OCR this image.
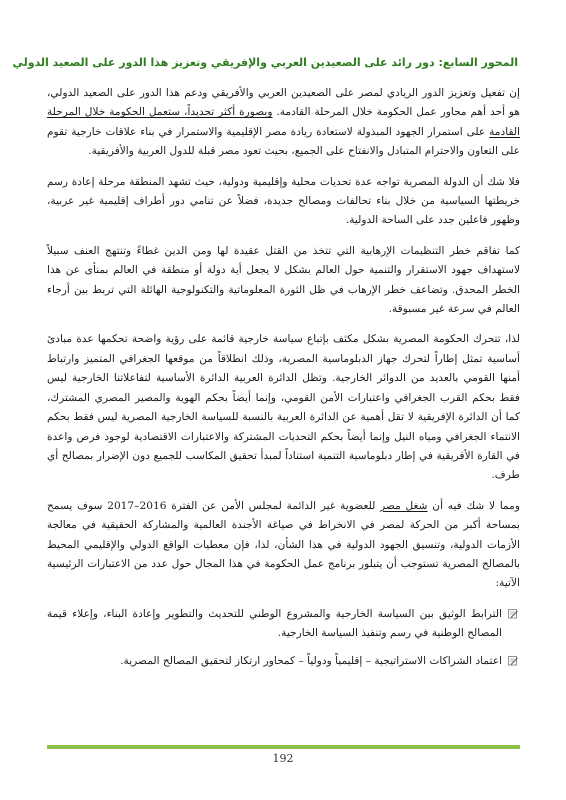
المحور السابع: دور رائد على الصعيدين العربي والإفريقي وتعزيز هذا الدور على الصعيد الدولي

إن تفعيل وتعزيز الدور الريادي لمصر على الصعيدين العربي والأفريقي ودعم هذا الدور على الصعيد الدولي، هو أحد أهم محاور عمل الحكومة خلال المرحلة القادمة. وبصورة أكثر تحديداً، ستعمل الحكومة خلال المرحلة القادمة على استمرار الجهود المبذولة لاستعادة ريادة مصر الإقليمية والاستمرار في بناء علاقات خارجية تقوم على التعاون والاحترام المتبادل والانفتاح على الجميع، بحيث تعود مصر قبلة للدول العربية والأفريقية.

فلا شك أن الدولة المصرية تواجه عدة تحديات محلية وإقليمية ودولية، حيث تشهد المنطقة مرحلة إعادة رسم خريطتها السياسية من خلال بناء تحالفات ومصالح جديدة، فضلاً عن تنامي دور أطراف إقليمية غير عربية، وظهور فاعلين جدد على الساحة الدولية.

كما تفاقم خطر التنظيمات الإرهابية التي تتخذ من القتل عقيدة لها ومن الدين غطاءً وتنتهج العنف سبيلاً لاستهداف جهود الاستقرار والتنمية حول العالم بشكل لا يجعل أية دولة أو منطقة في العالم بمنأى عن هذا الخطر المحدق. وتضاعف خطر الإرهاب في ظل الثورة المعلوماتية والتكنولوجية الهائلة التي تربط بين أرجاء العالم في سرعة غير مسبوقة.

لذا، تتحرك الحكومة المصرية بشكل مكثف بإتباع سياسة خارجية قائمة على رؤية واضحة تحكمها عدة مبادئ أساسية تمثل إطاراً لتحرك جهاز الدبلوماسية المصرية، وذلك انطلاقاً من موقعها الجغرافي المتميز وارتباط أمنها القومي بالعديد من الدوائر الخارجية. وتظل الدائرة العربية الدائرة الأساسية لتفاعلاتنا الخارجية ليس فقط بحكم القرب الجغرافي واعتبارات الأمن القومي، وإنما أيضاً بحكم الهوية والمصير المصري المشترك، كما أن الدائرة الإفريقية لا تقل أهمية عن الدائرة العربية بالنسبة للسياسة الخارجية المصرية ليس فقط بحكم الانتماء الجغرافي ومياه النيل وإنما أيضاً بحكم التحديات المشتركة والاعتبارات الاقتصادية لوجود فرص واعدة في القارة الأفريقية في إطار دبلوماسية التنمية استناداً لمبدأ تحقيق المكاسب للجميع دون الإضرار بمصالح أي طرف.

ومما لا شك فيه أن شغل مصر للعضوية غير الدائمة لمجلس الأمن عن الفترة 2016–2017 سوف يسمح بمساحة أكبر من الحركة لمصر في الانخراط في صياغة الأجندة العالمية والمشاركة الحقيقية في معالجة الأزمات الدولية، وتنسيق الجهود الدولية في هذا الشأن، لذا، فإن معطيات الواقع الدولي والإقليمي المحيط بالمصالح المصرية تستوجب أن يتبلور برنامج عمل الحكومة في هذا المجال حول عدد من الاعتبارات الرئيسية الآتية:

الترابط الوثيق بين السياسة الخارجية والمشروع الوطني للتحديث والتطوير وإعادة البناء، وإعلاء قيمة المصالح الوطنية في رسم وتنفيذ السياسة الخارجية.
اعتماد الشراكات الاستراتيجية – إقليمياً ودولياً – كمحاور ارتكاز لتحقيق المصالح المصرية.
192
